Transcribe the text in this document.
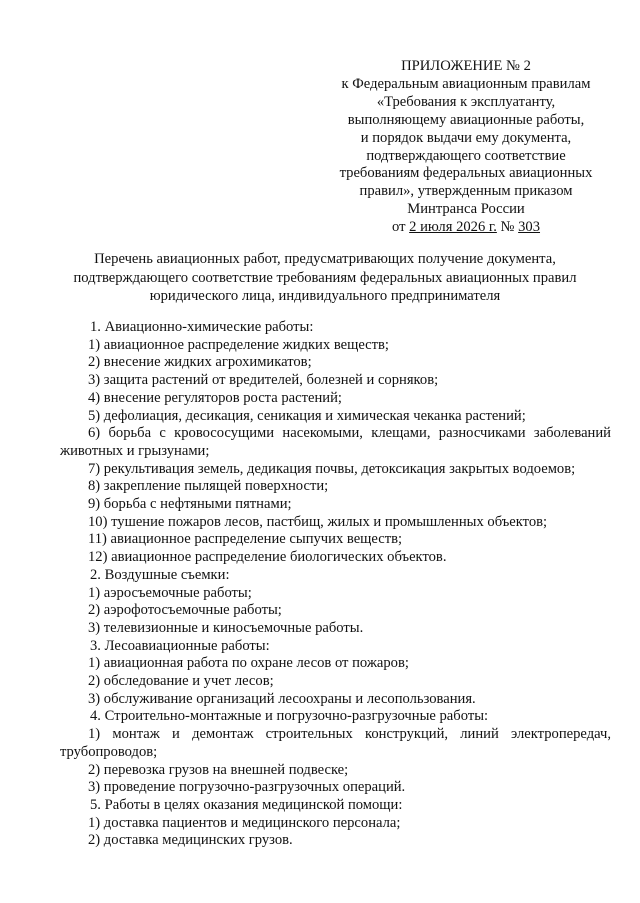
ПРИЛОЖЕНИЕ № 2
к Федеральным авиационным правилам
«Требования к эксплуатанту,
выполняющему авиационные работы,
и порядок выдачи ему документа,
подтверждающего соответствие
требованиям федеральных авиационных
правил», утвержденным приказом
Минтранса России
от 2 июля 2026 г. № 303
Перечень авиационных работ, предусматривающих получение документа,
подтверждающего соответствие требованиям федеральных авиационных правил
юридического лица, индивидуального предпринимателя
1. Авиационно-химические работы:
1) авиационное распределение жидких веществ;
2) внесение жидких агрохимикатов;
3) защита растений от вредителей, болезней и сорняков;
4) внесение регуляторов роста растений;
5) дефолиация, десикация, сеникация и химическая чеканка растений;
6) борьба с кровососущими насекомыми, клещами, разносчиками заболеваний
животных и грызунами;
7) рекультивация земель, дедикация почвы, детоксикация закрытых водоемов;
8) закрепление пылящей поверхности;
9) борьба с нефтяными пятнами;
10) тушение пожаров лесов, пастбищ, жилых и промышленных объектов;
11) авиационное распределение сыпучих веществ;
12) авиационное распределение биологических объектов.
2. Воздушные съемки:
1) аэросъемочные работы;
2) аэрофотосъемочные работы;
3) телевизионные и киносъемочные работы.
3. Лесоавиационные работы:
1) авиационная работа по охране лесов от пожаров;
2) обследование и учет лесов;
3) обслуживание организаций лесоохраны и лесопользования.
4. Строительно-монтажные и погрузочно-разгрузочные работы:
1) монтаж и демонтаж строительных конструкций, линий электропередач,
трубопроводов;
2) перевозка грузов на внешней подвеске;
3) проведение погрузочно-разгрузочных операций.
5. Работы в целях оказания медицинской помощи:
1) доставка пациентов и медицинского персонала;
2) доставка медицинских грузов.
